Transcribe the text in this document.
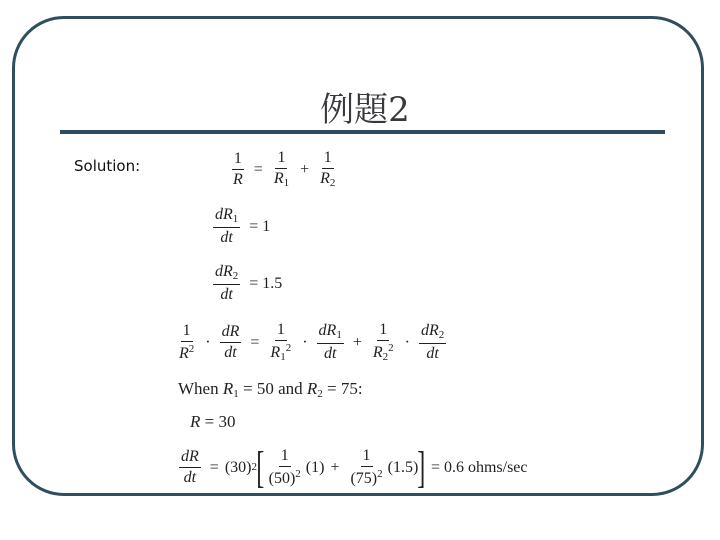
例題2
Solution:	$\frac{1}{R} = \frac{1}{R_1} + \frac{1}{R_2}$
$\frac{dR_1}{dt} = 1$
$\frac{dR_2}{dt} = 1.5$
$\frac{1}{R^2} \cdot \frac{dR}{dt} = \frac{1}{R_1^2} \cdot \frac{dR_1}{dt} + \frac{1}{R_2^2} \cdot \frac{dR_2}{dt}$
When $R_1 = 50$ and $R_2 = 75$:
R = 30
$\frac{dR}{dt} = (30)$ 2 [ $\frac{1}{(50)^2} (1) + \frac{1}{(75)^2} (1.5)$ ] = 0.6 ohms/sec
